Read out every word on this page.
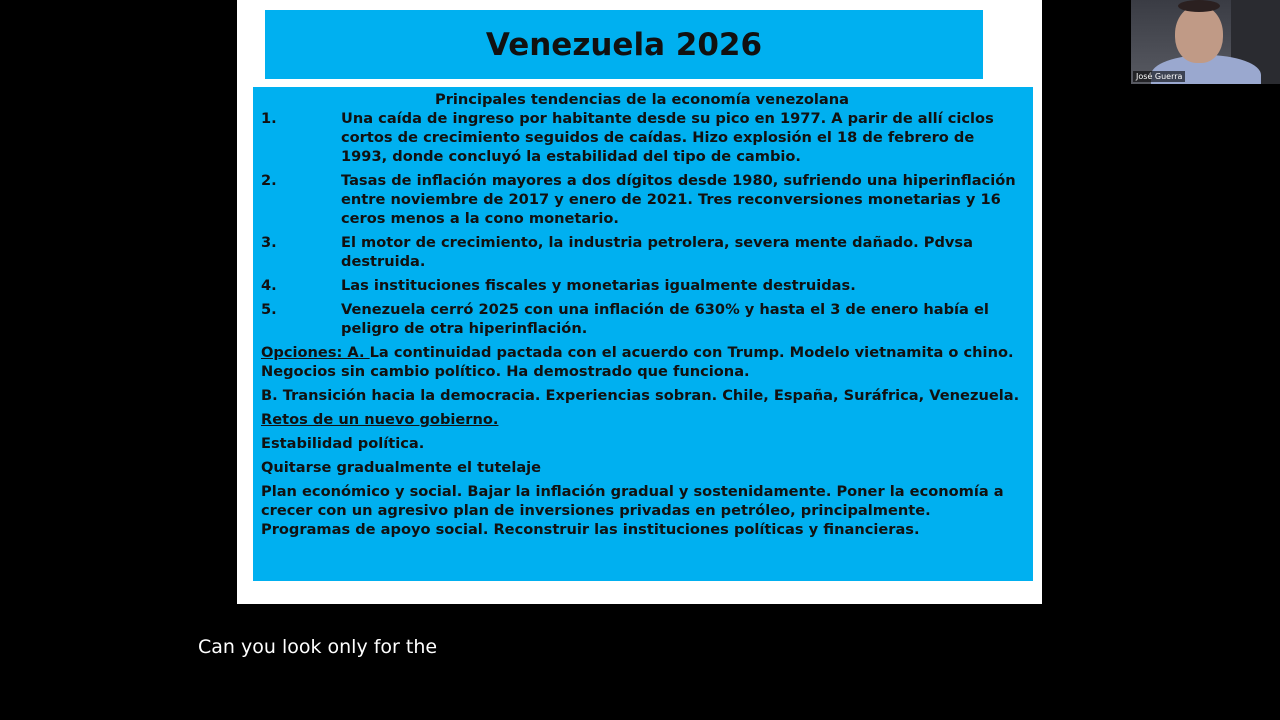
Venezuela 2026

Principales tendencias de la economía venezolana

1.	Una caída de ingreso por habitante desde su pico en 1977. A parir de allí ciclos cortos de crecimiento seguidos de caídas. Hizo explosión el 18 de febrero de 1993, donde concluyó la estabilidad del tipo de cambio.
2.	Tasas de inflación mayores a dos dígitos desde 1980, sufriendo una hiperinflación entre noviembre de 2017 y enero de 2021. Tres reconversiones monetarias y 16 ceros menos a la cono monetario.
3.	El motor de crecimiento, la industria petrolera, severa mente dañado. Pdvsa destruida.
4.	Las instituciones fiscales y monetarias igualmente destruidas.
5.	Venezuela cerró 2025 con una inflación de 630% y hasta el 3 de enero había el peligro de otra hiperinflación.

Opciones: A. La continuidad pactada con el acuerdo con Trump. Modelo vietnamita o chino. Negocios sin cambio político. Ha demostrado que funciona.

B. Transición hacia la democracia. Experiencias sobran. Chile, España, Suráfrica, Venezuela.

Retos de un nuevo gobierno.

Estabilidad política.

Quitarse gradualmente el tutelaje

Plan económico y social. Bajar la inflación gradual y sostenidamente. Poner la economía a crecer con un agresivo plan de inversiones privadas en petróleo, principalmente. Programas de apoyo social. Reconstruir las instituciones políticas y financieras.

José Guerra
Can you look only for the
